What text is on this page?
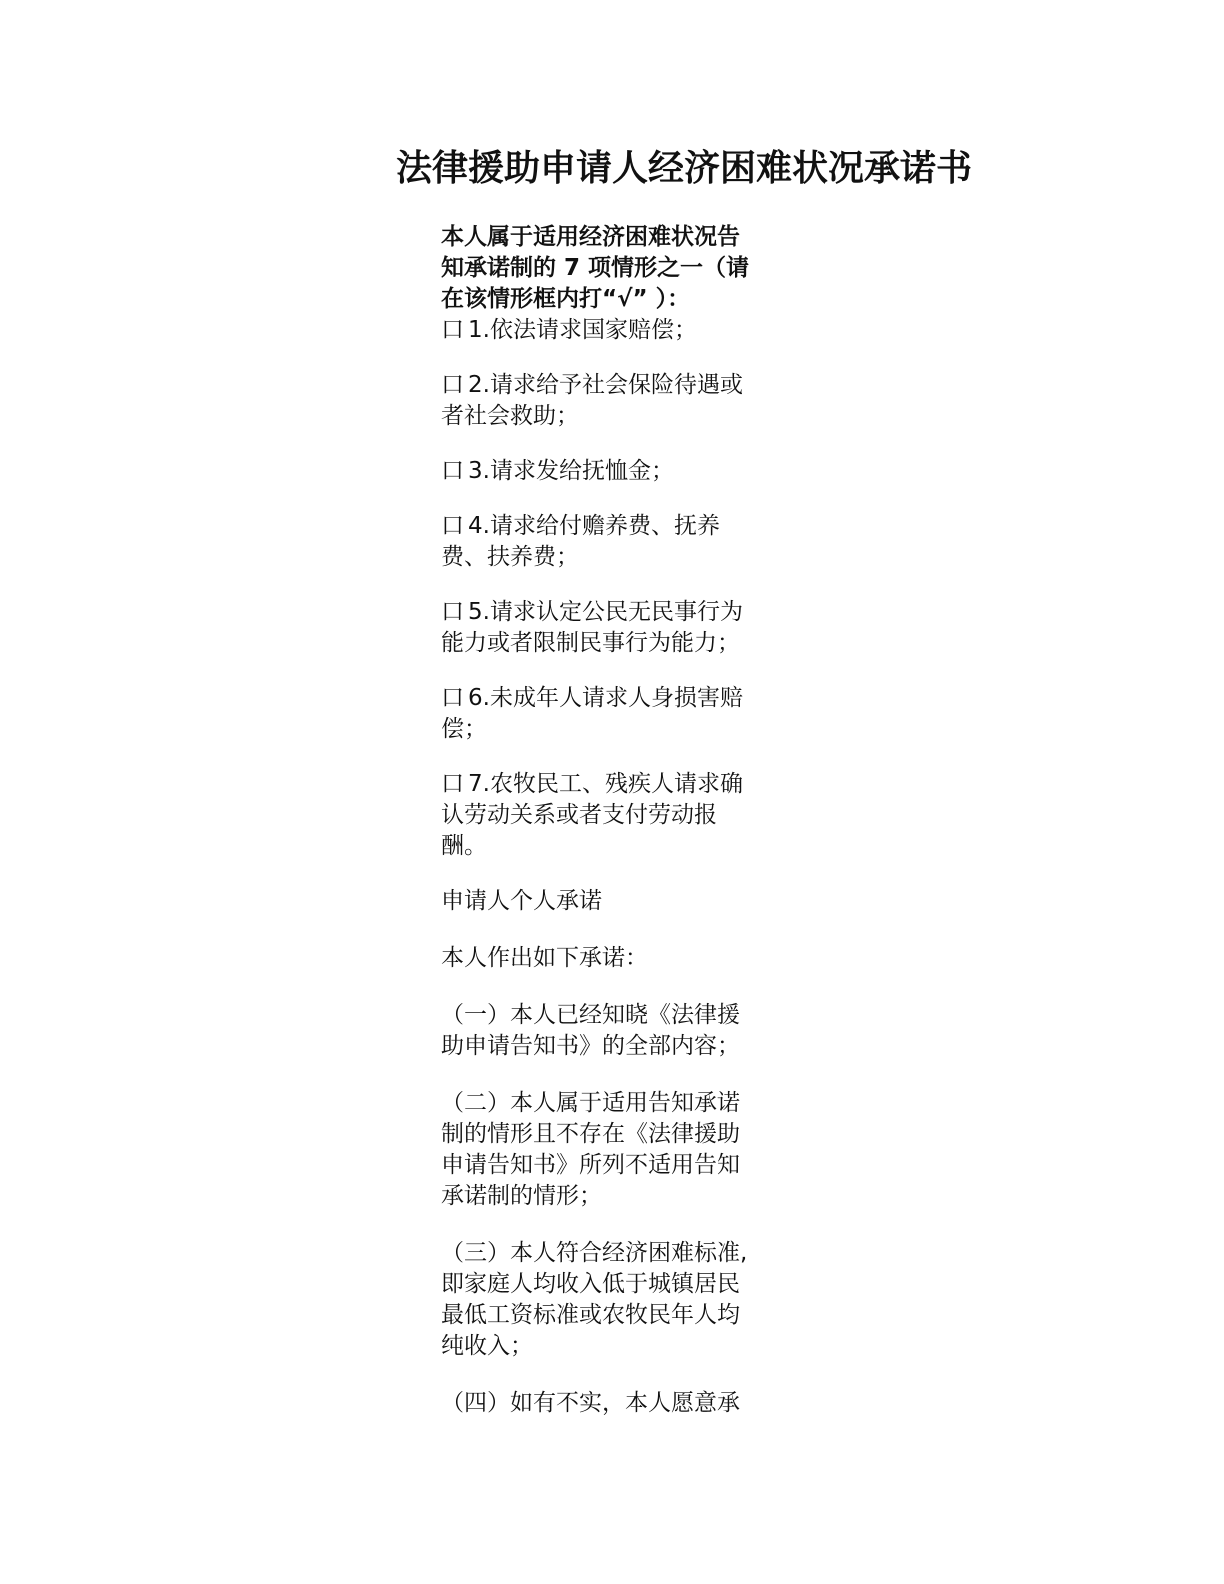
法律援助申请人经济困难状况承诺书

本人属于适用经济困难状况告知承诺制的 7 项情形之一（请在该情形框内打“√” ）：

口 1.依法请求国家赔偿；
口 2.请求给予社会保险待遇或者社会救助；
口 3.请求发给抚恤金；
口 4.请求给付赡养费、抚养费、扶养费；
口 5.请求认定公民无民事行为能力或者限制民事行为能力；
口 6.未成年人请求人身损害赔偿；
口 7.农牧民工、残疾人请求确认劳动关系或者支付劳动报酬。

申请人个人承诺

本人作出如下承诺：

（一）本人已经知晓《法律援助申请告知书》的全部内容；

（二）本人属于适用告知承诺制的情形且不存在《法律援助申请告知书》所列不适用告知承诺制的情形；

（三）本人符合经济困难标准,即家庭人均收入低于城镇居民最低工资标准或农牧民年人均纯收入；

（四）如有不实，本人愿意承
